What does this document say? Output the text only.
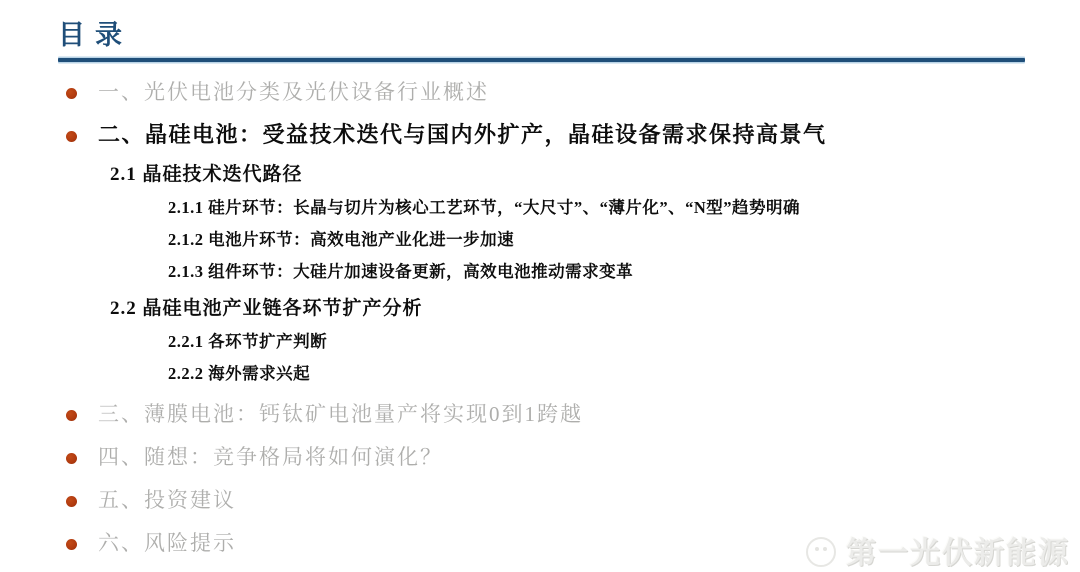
目录
一、光伏电池分类及光伏设备行业概述
二、晶硅电池：受益技术迭代与国内外扩产，晶硅设备需求保持高景气
2.1 晶硅技术迭代路径
2.1.1 硅片环节：长晶与切片为核心工艺环节，“大尺寸”、“薄片化”、“N型”趋势明确
2.1.2 电池片环节：高效电池产业化进一步加速
2.1.3 组件环节：大硅片加速设备更新，高效电池推动需求变革
2.2 晶硅电池产业链各环节扩产分析
2.2.1 各环节扩产判断
2.2.2 海外需求兴起
三、薄膜电池：钙钛矿电池量产将实现0到1跨越
四、随想：竞争格局将如何演化？
五、投资建议
六、风险提示	第一光伏新能源
